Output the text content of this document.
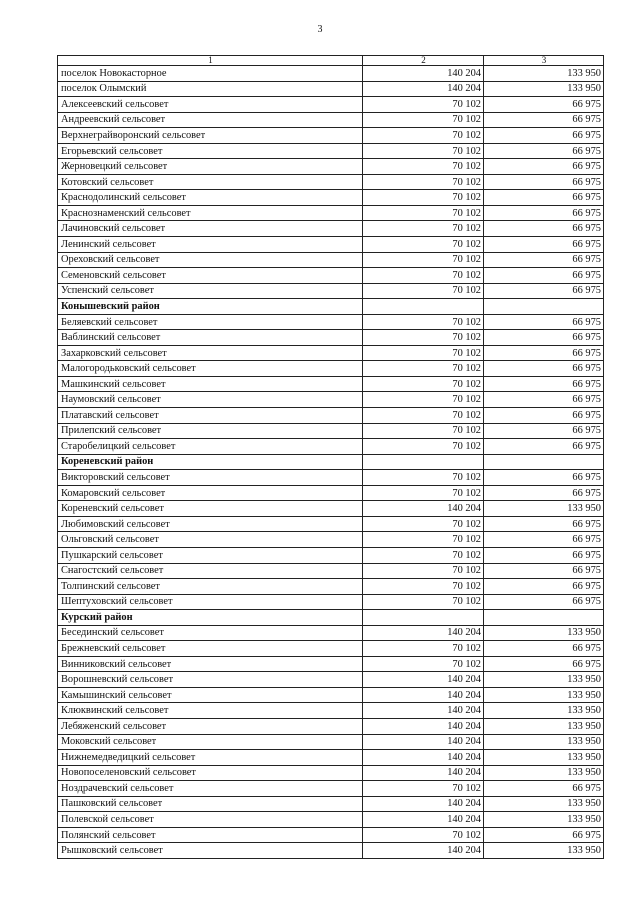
3
1	2	3
поселок Новокасторное	140 204	133 950
поселок Олымский	140 204	133 950
Алексеевский сельсовет	70 102	66 975
Андреевский сельсовет	70 102	66 975
Верхнеграйворонский сельсовет	70 102	66 975
Егорьевский сельсовет	70 102	66 975
Жерновецкий сельсовет	70 102	66 975
Котовский сельсовет	70 102	66 975
Краснодолинский сельсовет	70 102	66 975
Краснознаменский сельсовет	70 102	66 975
Лачиновский сельсовет	70 102	66 975
Ленинский сельсовет	70 102	66 975
Ореховский сельсовет	70 102	66 975
Семеновский сельсовет	70 102	66 975
Успенский сельсовет	70 102	66 975
Конышевский район		
Беляевский сельсовет	70 102	66 975
Ваблинский сельсовет	70 102	66 975
Захарковский сельсовет	70 102	66 975
Малогородьковский сельсовет	70 102	66 975
Машкинский сельсовет	70 102	66 975
Наумовский сельсовет	70 102	66 975
Платавский сельсовет	70 102	66 975
Прилепский сельсовет	70 102	66 975
Старобелицкий сельсовет	70 102	66 975
Кореневский район		
Викторовский сельсовет	70 102	66 975
Комаровский сельсовет	70 102	66 975
Кореневский сельсовет	140 204	133 950
Любимовский сельсовет	70 102	66 975
Ольговский сельсовет	70 102	66 975
Пушкарский сельсовет	70 102	66 975
Снагостский сельсовет	70 102	66 975
Толпинский сельсовет	70 102	66 975
Шептуховский сельсовет	70 102	66 975
Курский район		
Бесединский сельсовет	140 204	133 950
Брежневский сельсовет	70 102	66 975
Винниковский сельсовет	70 102	66 975
Ворошневский сельсовет	140 204	133 950
Камышинский сельсовет	140 204	133 950
Клюквинский сельсовет	140 204	133 950
Лебяженский сельсовет	140 204	133 950
Моковский сельсовет	140 204	133 950
Нижнемедведицкий сельсовет	140 204	133 950
Новопоселеновский сельсовет	140 204	133 950
Ноздрачевский сельсовет	70 102	66 975
Пашковский сельсовет	140 204	133 950
Полевской сельсовет	140 204	133 950
Полянский сельсовет	70 102	66 975
Рышковский сельсовет	140 204	133 950
